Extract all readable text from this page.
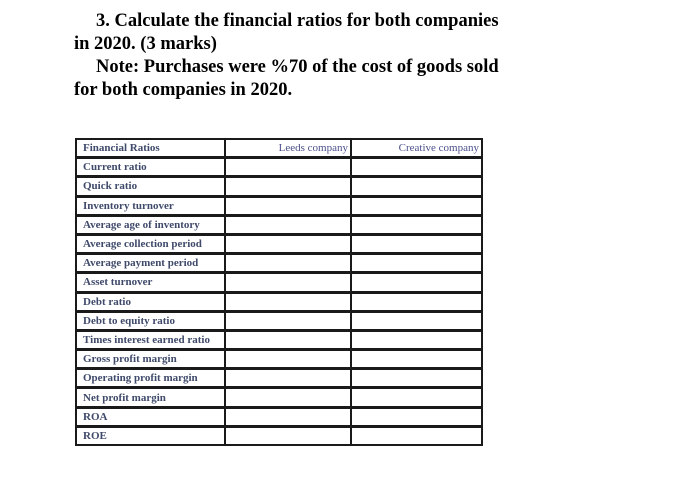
3. Calculate the financial ratios for both companies
in 2020. (3 marks)
Note: Purchases were %70 of the cost of goods sold
for both companies in 2020.
Financial Ratios	Leeds company	Creative company
Current ratio		
Quick ratio		
Inventory turnover		
Average age of inventory		
Average collection period		
Average payment period		
Asset turnover		
Debt ratio		
Debt to equity ratio		
Times interest earned ratio		
Gross profit margin		
Operating profit margin		
Net profit margin		
ROA		
ROE		
